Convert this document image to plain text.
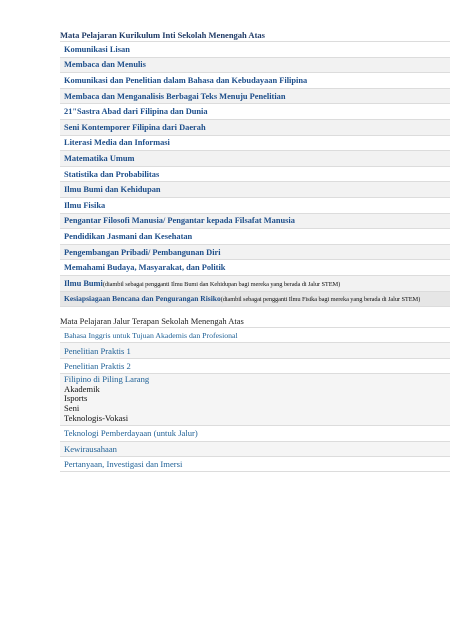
Mata Pelajaran Kurikulum Inti Sekolah Menengah Atas
Komunikasi Lisan
Membaca dan Menulis
Komunikasi dan Penelitian dalam Bahasa dan Kebudayaan Filipina
Membaca dan Menganalisis Berbagai Teks Menuju Penelitian
21"Sastra Abad dari Filipina dan Dunia
Seni Kontemporer Filipina dari Daerah
Literasi Media dan Informasi
Matematika Umum
Statistika dan Probabilitas
Ilmu Bumi dan Kehidupan
Ilmu Fisika
Pengantar Filosofi Manusia/ Pengantar kepada Filsafat Manusia
Pendidikan Jasmani dan Kesehatan
Pengembangan Pribadi/ Pembangunan Diri
Memahami Budaya, Masyarakat, dan Politik
Ilmu Bumi(diambil sebagai pengganti Ilmu Bumi dan Kehidupan bagi mereka yang berada di Jalur STEM)
Kesiapsiagaan Bencana dan Pengurangan Risiko(diambil sebagai pengganti Ilmu Fisika bagi mereka yang berada di Jalur STEM)
Mata Pelajaran Jalur Terapan Sekolah Menengah Atas
Bahasa Inggris untuk Tujuan Akademis dan Profesional
Penelitian Praktis 1
Penelitian Praktis 2

Filipino di Piling Larang
Akademik
Isports
Seni
Teknologis-Vokasi

Teknologi Pemberdayaan (untuk Jalur)
Kewirausahaan
Pertanyaan, Investigasi dan Imersi
